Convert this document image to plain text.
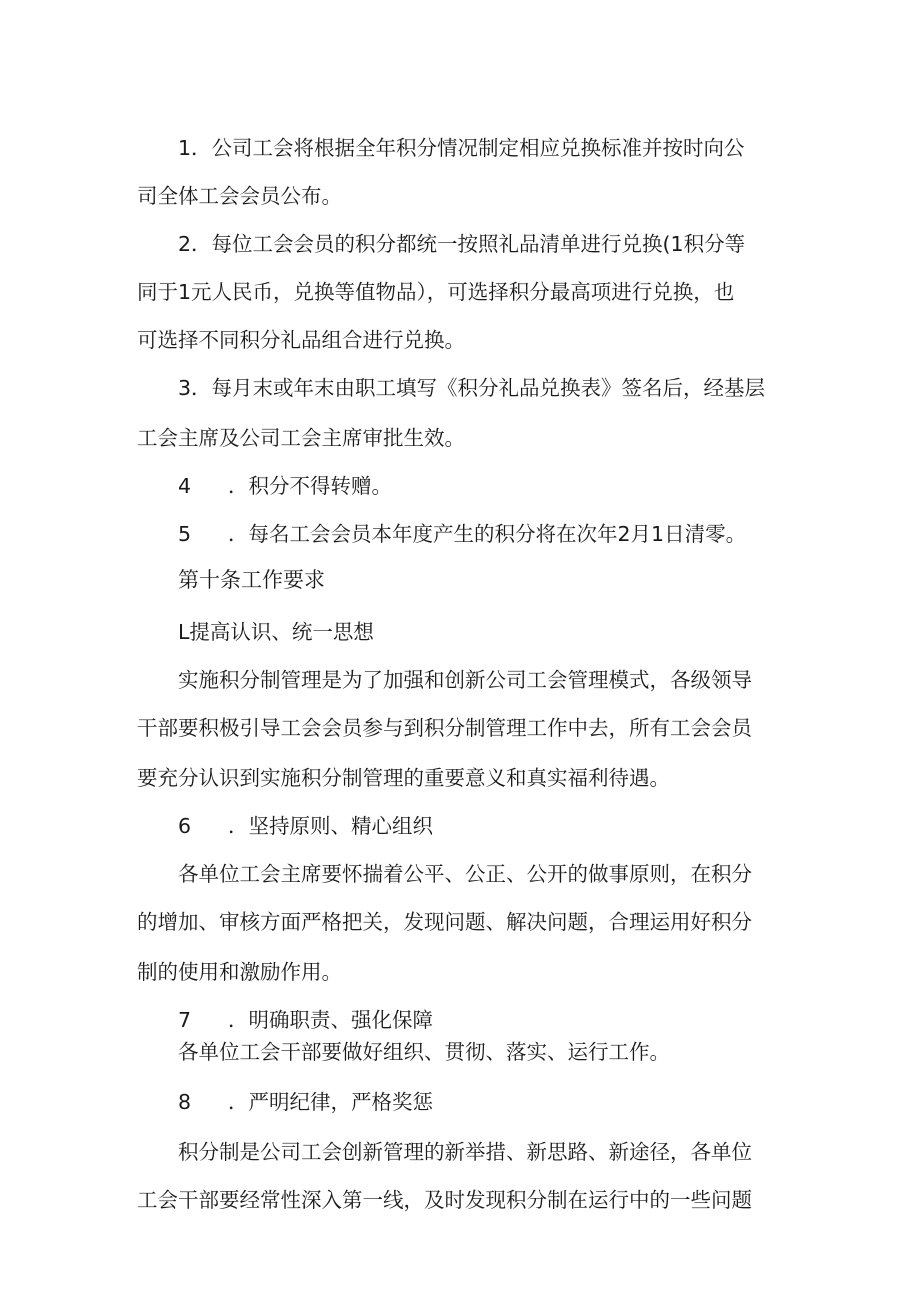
1．公司工会将根据全年积分情况制定相应兑换标准并按时向公
司全体工会会员公布。
2．每位工会会员的积分都统一按照礼品清单进行兑换(1积分等
同于1元人民币，兑换等值物品），可选择积分最高项进行兑换，也
可选择不同积分礼品组合进行兑换。
3．每月末或年末由职工填写《积分礼品兑换表》签名后，经基层
工会主席及公司工会主席审批生效。
4 ．积分不得转赠。
5 ．每名工会会员本年度产生的积分将在次年2月1日清零。
第十条工作要求
L提高认识、统一思想
实施积分制管理是为了加强和创新公司工会管理模式，各级领导
干部要积极引导工会会员参与到积分制管理工作中去，所有工会会员
要充分认识到实施积分制管理的重要意义和真实福利待遇。
6 ．坚持原则、精心组织
各单位工会主席要怀揣着公平、公正、公开的做事原则，在积分
的增加、审核方面严格把关，发现问题、解决问题，合理运用好积分
制的使用和激励作用。
7 ．明确职责、强化保障
各单位工会干部要做好组织、贯彻、落实、运行工作。
8 ．严明纪律，严格奖惩
积分制是公司工会创新管理的新举措、新思路、新途径，各单位
工会干部要经常性深入第一线，及时发现积分制在运行中的一些问题
